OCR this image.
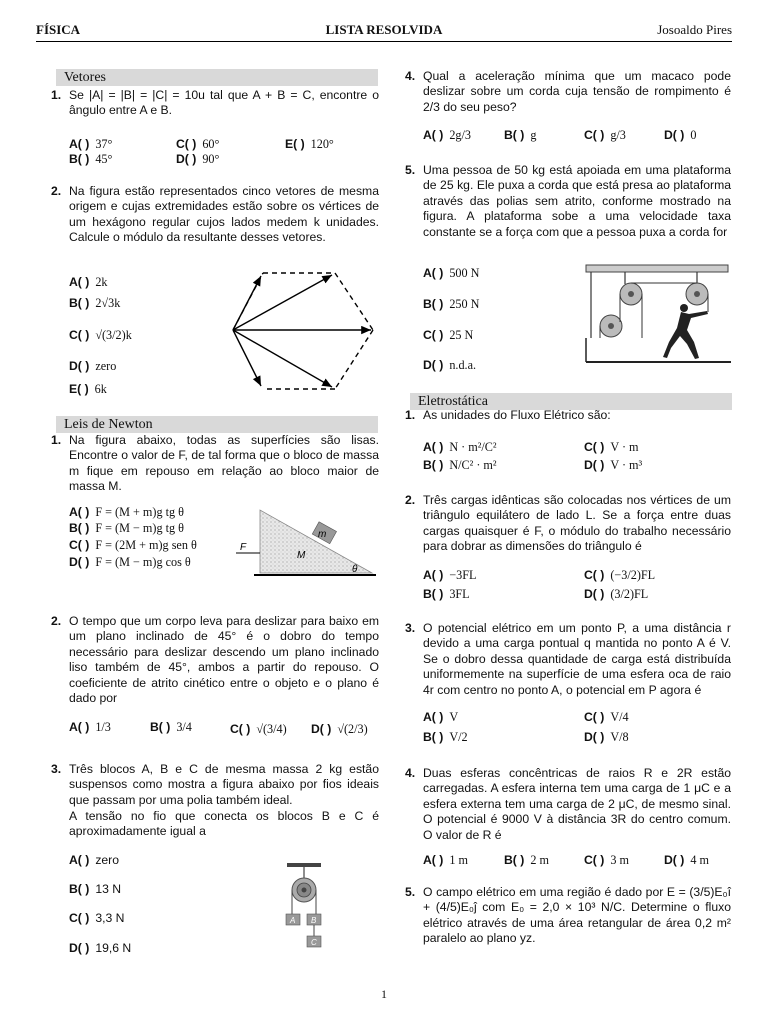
FÍSICA	LISTA RESOLVIDA	Josoaldo Pires
Vetores
1. Se |A| = |B| = |C| = 10u tal que A + B = C, encontre o ângulo entre A e B.
A( ) 37°	C( ) 60°	E( ) 120°
B( ) 45°	D( ) 90°
2. Na figura estão representados cinco vetores de mesma origem e cujas extremidades estão sobre os vértices de um hexágono regular cujos lados medem k unidades. Calcule o módulo da resultante desses vetores.
A( ) 2k
B( ) 2√3k
C( ) √(3/2)k
D( ) zero
E( ) 6k
Leis de Newton
1. Na figura abaixo, todas as superfícies são lisas. Encontre o valor de F, de tal forma que o bloco de massa m fique em repouso em relação ao bloco maior de massa M.
A( ) F = (M + m)g tg θ
B( ) F = (M − m)g tg θ
C( ) F = (2M + m)g sen θ
D( ) F = (M − m)g cos θ
m
F
M
θ
2. O tempo que um corpo leva para deslizar para baixo em um plano inclinado de 45° é o dobro do tempo necessário para deslizar descendo um plano inclinado liso também de 45°, ambos a partir do repouso. O coeficiente de atrito cinético entre o objeto e o plano é dado por
A( ) 1/3	B( ) 3/4	C( ) √(3/4) D( ) √(2/3)
3. Três blocos A, B e C de mesma massa 2 kg estão suspensos como mostra a figura abaixo por fios ideais que passam por uma polia também ideal.
A tensão no fio que conecta os blocos B e C é aproximadamente igual a
A( ) zero
B( ) 13 N
C( ) 3,3 N
D( ) 19,6 N
A B
C
4. Qual a aceleração mínima que um macaco pode deslizar sobre um corda cuja tensão de rompimento é 2/3 do seu peso?
A( ) 2g/3	B( ) g	C( ) g/3	D( ) 0
5. Uma pessoa de 50 kg está apoiada em uma plataforma de 25 kg. Ele puxa a corda que está presa ao plataforma através das polias sem atrito, conforme mostrado na figura. A plataforma sobe a uma velocidade taxa constante se a força com que a pessoa puxa a corda for
A( ) 500 N
B( ) 250 N
C( ) 25 N
D( ) n.d.a.
Eletrostática
1. As unidades do Fluxo Elétrico são:
A( ) N · m²/C²	C( ) V · m
B( ) N/C² · m²	D( ) V · m³
2. Três cargas idênticas são colocadas nos vértices de um triângulo equilátero de lado L. Se a força entre duas cargas quaisquer é F, o módulo do trabalho necessário para dobrar as dimensões do triângulo é
A( ) −3FL	C( ) (−3/2)FL
B( ) 3FL	D( ) (3/2)FL
3. O potencial elétrico em um ponto P, a uma distância r devido a uma carga pontual q mantida no ponto A é V. Se o dobro dessa quantidade de carga está distribuída uniformemente na superfície de uma esfera oca de raio 4r com centro no ponto A, o potencial em P agora é
A( ) V	C( ) V/4
B( ) V/2	D( ) V/8
4. Duas esferas concêntricas de raios R e 2R estão carregadas. A esfera interna tem uma carga de 1 μC e a esfera externa tem uma carga de 2 μC, de mesmo sinal. O potencial é 9000 V à distância 3R do centro comum. O valor de R é
A( ) 1 m	B( ) 2 m	C( ) 3 m	D( ) 4 m
5. O campo elétrico em uma região é dado por E = (3/5)E₀î + (4/5)E₀ĵ com E₀ = 2,0 × 10³ N/C. Determine o fluxo elétrico através de uma área retangular de área 0,2 m² paralelo ao plano yz.
1
